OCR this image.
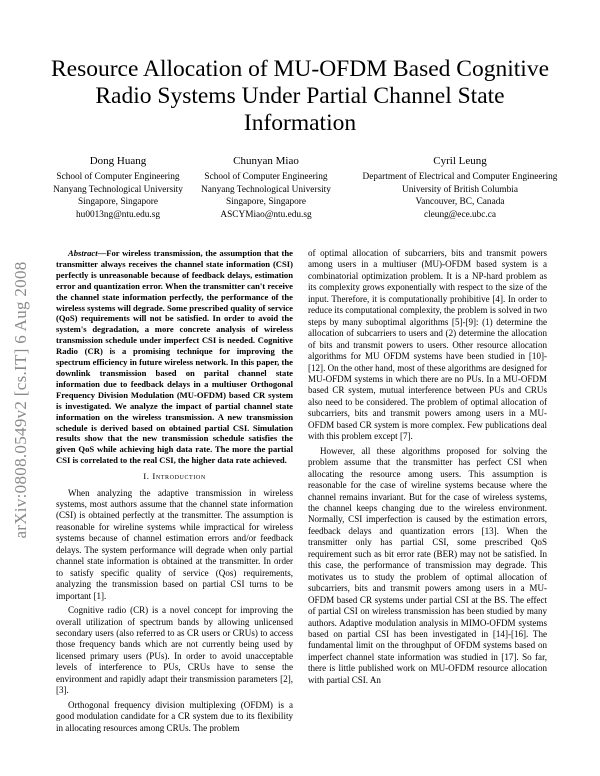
arXiv:0808.0549v2 [cs.IT] 6 Aug 2008
Resource Allocation of MU-OFDM Based Cognitive Radio Systems Under Partial Channel State Information
Dong Huang
School of Computer Engineering
Nanyang Technological University
Singapore, Singapore
hu0013ng@ntu.edu.sg
Chunyan Miao
School of Computer Engineering
Nanyang Technological University
Singapore, Singapore
ASCYMiao@ntu.edu.sg
Cyril Leung
Department of Electrical and Computer Engineering
University of British Columbia
Vancouver, BC, Canada
cleung@ece.ubc.ca

Abstract—For wireless transmission, the assumption that the transmitter always receives the channel state information (CSI) perfectly is unreasonable because of feedback delays, estimation error and quantization error. When the transmitter can't receive the channel state information perfectly, the performance of the wireless systems will degrade. Some prescribed quality of service (QoS) requirements will not be satisfied. In order to avoid the system's degradation, a more concrete analysis of wireless transmission schedule under imperfect CSI is needed. Cognitive Radio (CR) is a promising technique for improving the spectrum efficiency in future wireless network. In this paper, the downlink transmission based on parital channel state information due to feedback delays in a multiuser Orthogonal Frequency Division Modulation (MU-OFDM) based CR system is investigated. We analyze the impact of partial channel state information on the wireless transmission. A new transmission schedule is derived based on obtained partial CSI. Simulation results show that the new transmission schedule satisfies the given QoS while achieving high data rate. The more the partial CSI is correlated to the real CSI, the higher data rate achieved.

I. Introduction

When analyzing the adaptive transmission in wireless systems, most authors assume that the channel state information (CSI) is obtained perfectly at the transmitter. The assumption is reasonable for wireline systems while impractical for wireless systems because of channel estimation errors and/or feedback delays. The system performance will degrade when only partial channel state information is obtained at the transmitter. In order to satisfy specific quality of service (Qos) requirements, analyzing the transmission based on partial CSI turns to be important [1].

Cognitive radio (CR) is a novel concept for improving the overall utilization of spectrum bands by allowing unlicensed secondary users (also referred to as CR users or CRUs) to access those frequency bands which are not currently being used by licensed primary users (PUs). In order to avoid unacceptable levels of interference to PUs, CRUs have to sense the environment and rapidly adapt their transmission parameters [2], [3].

Orthogonal frequency division multiplexing (OFDM) is a good modulation candidate for a CR system due to its flexibility in allocating resources among CRUs. The problem

of optimal allocation of subcarriers, bits and transmit powers among users in a multiuser (MU)-OFDM based system is a combinatorial optimization problem. It is a NP-hard problem as its complexity grows exponentially with respect to the size of the input. Therefore, it is computationally prohibitive [4]. In order to reduce its computational complexity, the problem is solved in two steps by many suboptimal algorithms [5]-[9]: (1) determine the allocation of subcarriers to users and (2) determine the allocation of bits and transmit powers to users. Other resource allocation algorithms for MU OFDM systems have been studied in [10]-[12]. On the other hand, most of these algorithms are designed for MU-OFDM systems in which there are no PUs. In a MU-OFDM based CR system, mutual interference between PUs and CRUs also need to be considered. The problem of optimal allocation of subcarriers, bits and transmit powers among users in a MU-OFDM based CR system is more complex. Few publications deal with this problem except [7].

However, all these algorithms proposed for solving the problem assume that the transmitter has perfect CSI when allocating the resource among users. This assumption is reasonable for the case of wireline systems because where the channel remains invariant. But for the case of wireless systems, the channel keeps changing due to the wireless environment. Normally, CSI imperfection is caused by the estimation errors, feedback delays and quantization errors [13]. When the transmitter only has partial CSI, some prescribed QoS requirement such as bit error rate (BER) may not be satisfied. In this case, the performance of transmission may degrade. This motivates us to study the problem of optimal allocation of subcarriers, bits and transmit powers among users in a MU-OFDM based CR systems under partial CSI at the BS. The effect of partial CSI on wireless transmission has been studied by many authors. Adaptive modulation analysis in MIMO-OFDM systems based on partial CSI has been investigated in [14]-[16]. The fundamental limit on the throughput of OFDM systems based on imperfect channel state information was studied in [17]. So far, there is little published work on MU-OFDM resource allocation with partial CSI. An
